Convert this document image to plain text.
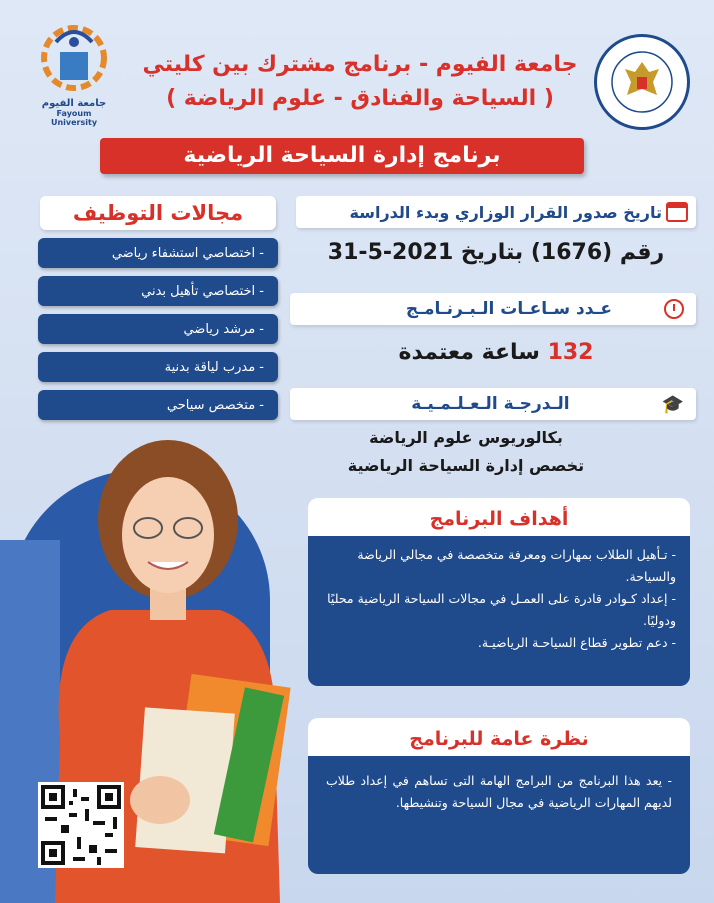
جامعة الفيوم
Fayoum University
جامعة الفيوم - برنامج مشترك بين كليتي
( السياحة والفنادق - علوم الرياضة )
برنامج إدارة السياحة الرياضية
مجالات التوظيف
- اختصاصي استشفاء رياضي
- اختصاصي تأهيل بدني
- مرشد رياضي
- مدرب لياقة بدنية
- متخصص سياحي
تاريخ صدور القرار الوزاري وبدء الدراسة
رقم (1676) بتاريخ 2021-5-31
عـدد سـاعـات الـبـرنـامـج
132 ساعة معتمدة
🎓
الـدرجـة الـعـلـمـيـة
بكالوريوس علوم الرياضة
تخصص إدارة السياحة الرياضية
أهداف البرنامج

- تـأهيل الطلاب بمهارات ومعرفة متخصصة في مجالي الرياضة والسياحة.

- إعداد كـوادر قادرة على العمـل في مجالات السياحة الرياضية محليًا ودوليًا.

- دعم تطوير قطاع السياحـة الرياضيـة.

نظرة عامة للبرنامج

- يعد هذا البرنامج من البرامج الهامة التى تساهم في إعداد طلاب لديهم المهارات الرياضية في مجال السياحة وتنشيطها.
